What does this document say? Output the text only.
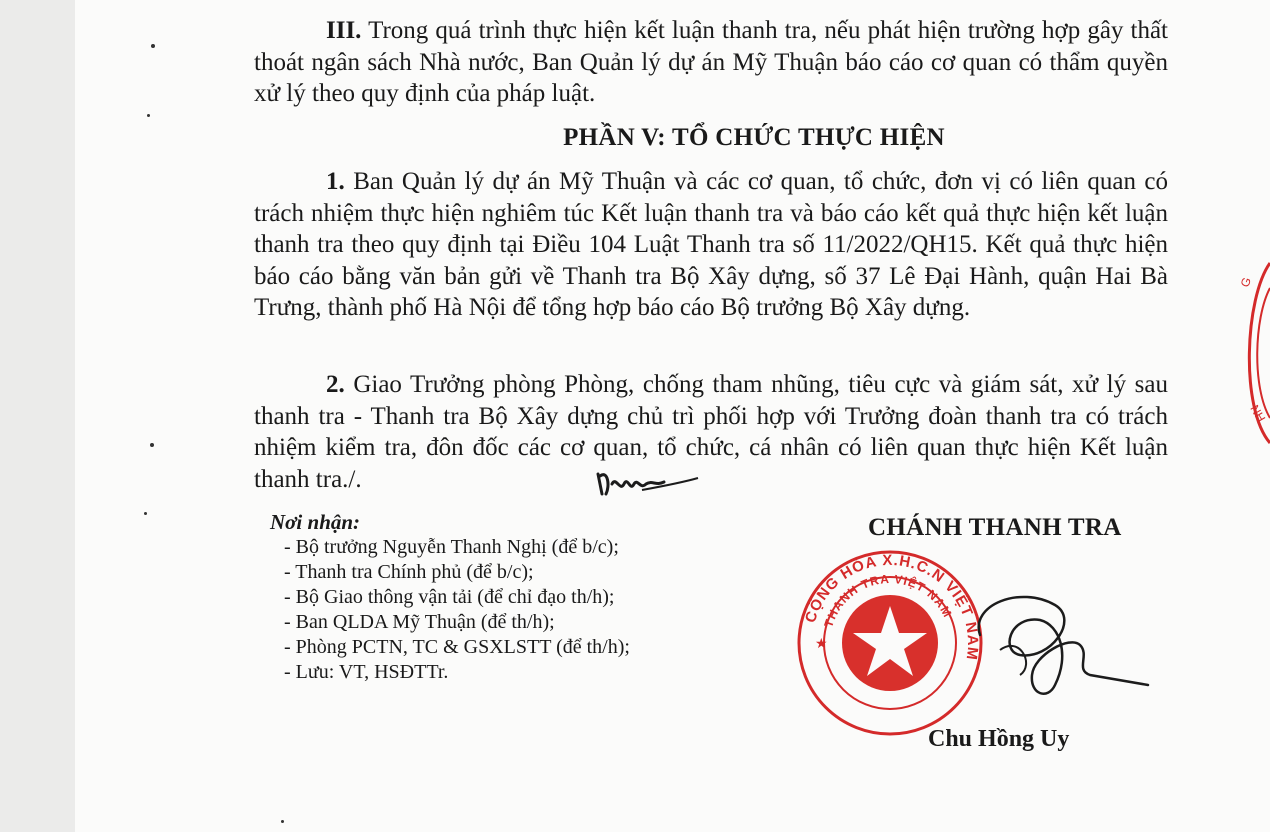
III. Trong quá trình thực hiện kết luận thanh tra, nếu phát hiện trường hợp gây thất thoát ngân sách Nhà nước, Ban Quản lý dự án Mỹ Thuận báo cáo cơ quan có thẩm quyền xử lý theo quy định của pháp luật.

PHẦN V: TỔ CHỨC THỰC HIỆN

1. Ban Quản lý dự án Mỹ Thuận và các cơ quan, tổ chức, đơn vị có liên quan có trách nhiệm thực hiện nghiêm túc Kết luận thanh tra và báo cáo kết quả thực hiện kết luận thanh tra theo quy định tại Điều 104 Luật Thanh tra số 11/2022/QH15. Kết quả thực hiện báo cáo bằng văn bản gửi về Thanh tra Bộ Xây dựng, số 37 Lê Đại Hành, quận Hai Bà Trưng, thành phố Hà Nội để tổng hợp báo cáo Bộ trưởng Bộ Xây dựng.

2. Giao Trưởng phòng Phòng, chống tham nhũng, tiêu cực và giám sát, xử lý sau thanh tra - Thanh tra Bộ Xây dựng chủ trì phối hợp với Trưởng đoàn thanh tra có trách nhiệm kiểm tra, đôn đốc các cơ quan, tổ chức, cá nhân có liên quan thực hiện Kết luận thanh tra./.

Nơi nhận:
- Bộ trưởng Nguyễn Thanh Nghị (để b/c);
- Thanh tra Chính phủ (để b/c);
- Bộ Giao thông vận tải (để chỉ đạo th/h);
- Ban QLDA Mỹ Thuận (để th/h);
- Phòng PCTN, TC & GSXLSTT (để th/h);
- Lưu: VT, HSĐTTr.
CHÁNH THANH TRA
CỘNG HÒA X.H.C.N VIỆT NAM
THANH TRA VIỆT NAM
★
Chu Hồng Uy
G
NH
